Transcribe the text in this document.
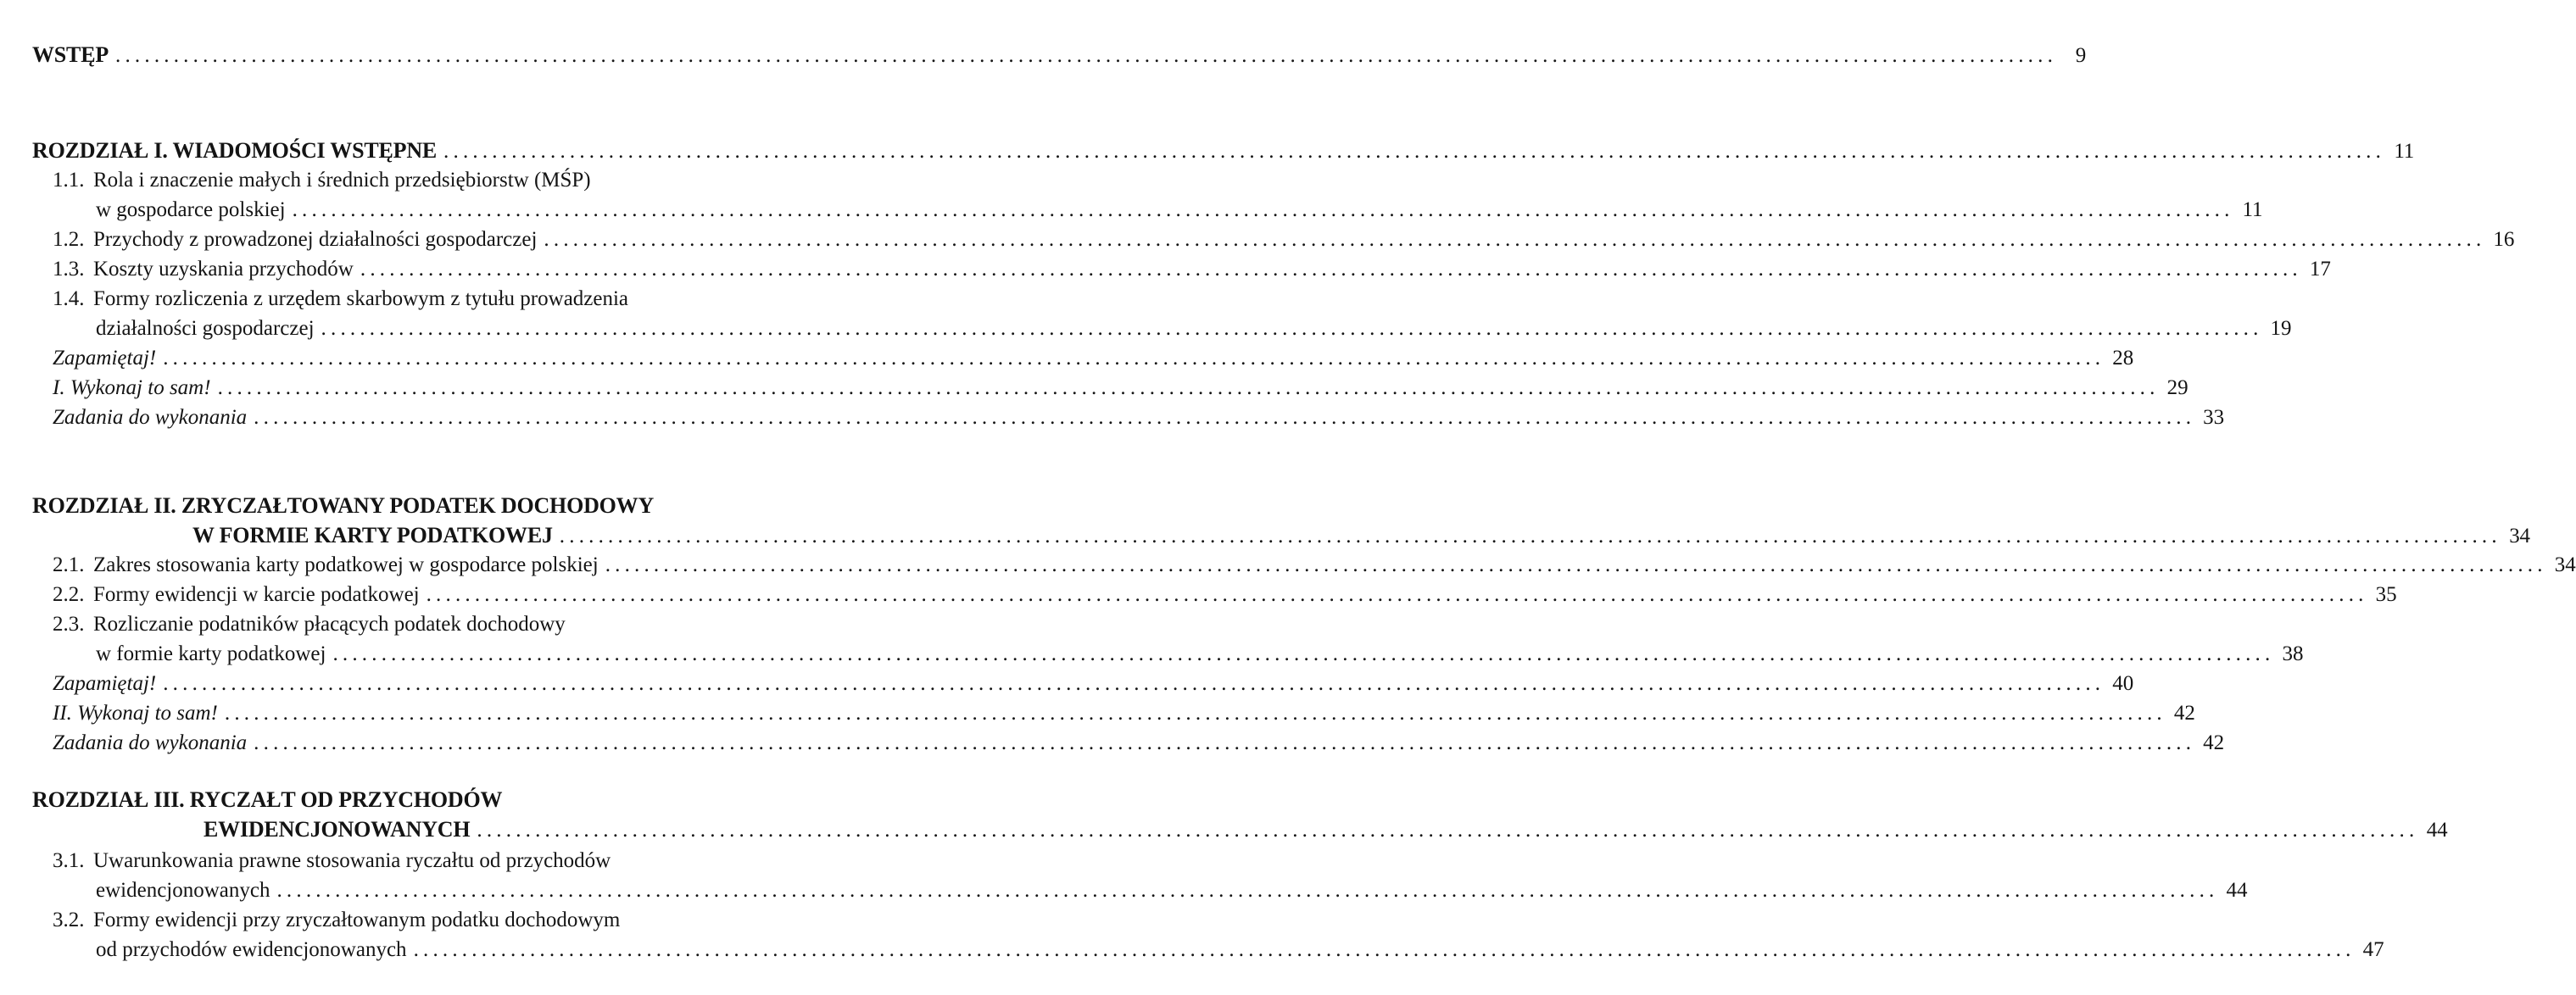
WSTĘP ........................................................................................................................................................................................................ 9
ROZDZIAŁ I. WIADOMOŚCI WSTĘPNE ........................................................................................................................................................................................................ 11
1.1. Rola i znaczenie małych i średnich przedsiębiorstw (MŚP)
w gospodarce polskiej ........................................................................................................................................................................................................ 11
1.2. Przychody z prowadzonej działalności gospodarczej ........................................................................................................................................................................................................ 16
1.3. Koszty uzyskania przychodów ........................................................................................................................................................................................................ 17
1.4. Formy rozliczenia z urzędem skarbowym z tytułu prowadzenia
działalności gospodarczej ........................................................................................................................................................................................................ 19
Zapamiętaj! ........................................................................................................................................................................................................ 28
I. Wykonaj to sam! ........................................................................................................................................................................................................ 29
Zadania do wykonania ........................................................................................................................................................................................................ 33
ROZDZIAŁ II. ZRYCZAŁTOWANY PODATEK DOCHODOWY
W FORMIE KARTY PODATKOWEJ ........................................................................................................................................................................................................ 34
2.1. Zakres stosowania karty podatkowej w gospodarce polskiej ........................................................................................................................................................................................................ 34
2.2. Formy ewidencji w karcie podatkowej ........................................................................................................................................................................................................ 35
2.3. Rozliczanie podatników płacących podatek dochodowy
w formie karty podatkowej ........................................................................................................................................................................................................ 38
Zapamiętaj! ........................................................................................................................................................................................................ 40
II. Wykonaj to sam! ........................................................................................................................................................................................................ 42
Zadania do wykonania ........................................................................................................................................................................................................ 42
ROZDZIAŁ III. RYCZAŁT OD PRZYCHODÓW
EWIDENCJONOWANYCH ........................................................................................................................................................................................................ 44
3.1. Uwarunkowania prawne stosowania ryczałtu od przychodów
ewidencjonowanych ........................................................................................................................................................................................................ 44
3.2. Formy ewidencji przy zryczałtowanym podatku dochodowym
od przychodów ewidencjonowanych ........................................................................................................................................................................................................ 47
